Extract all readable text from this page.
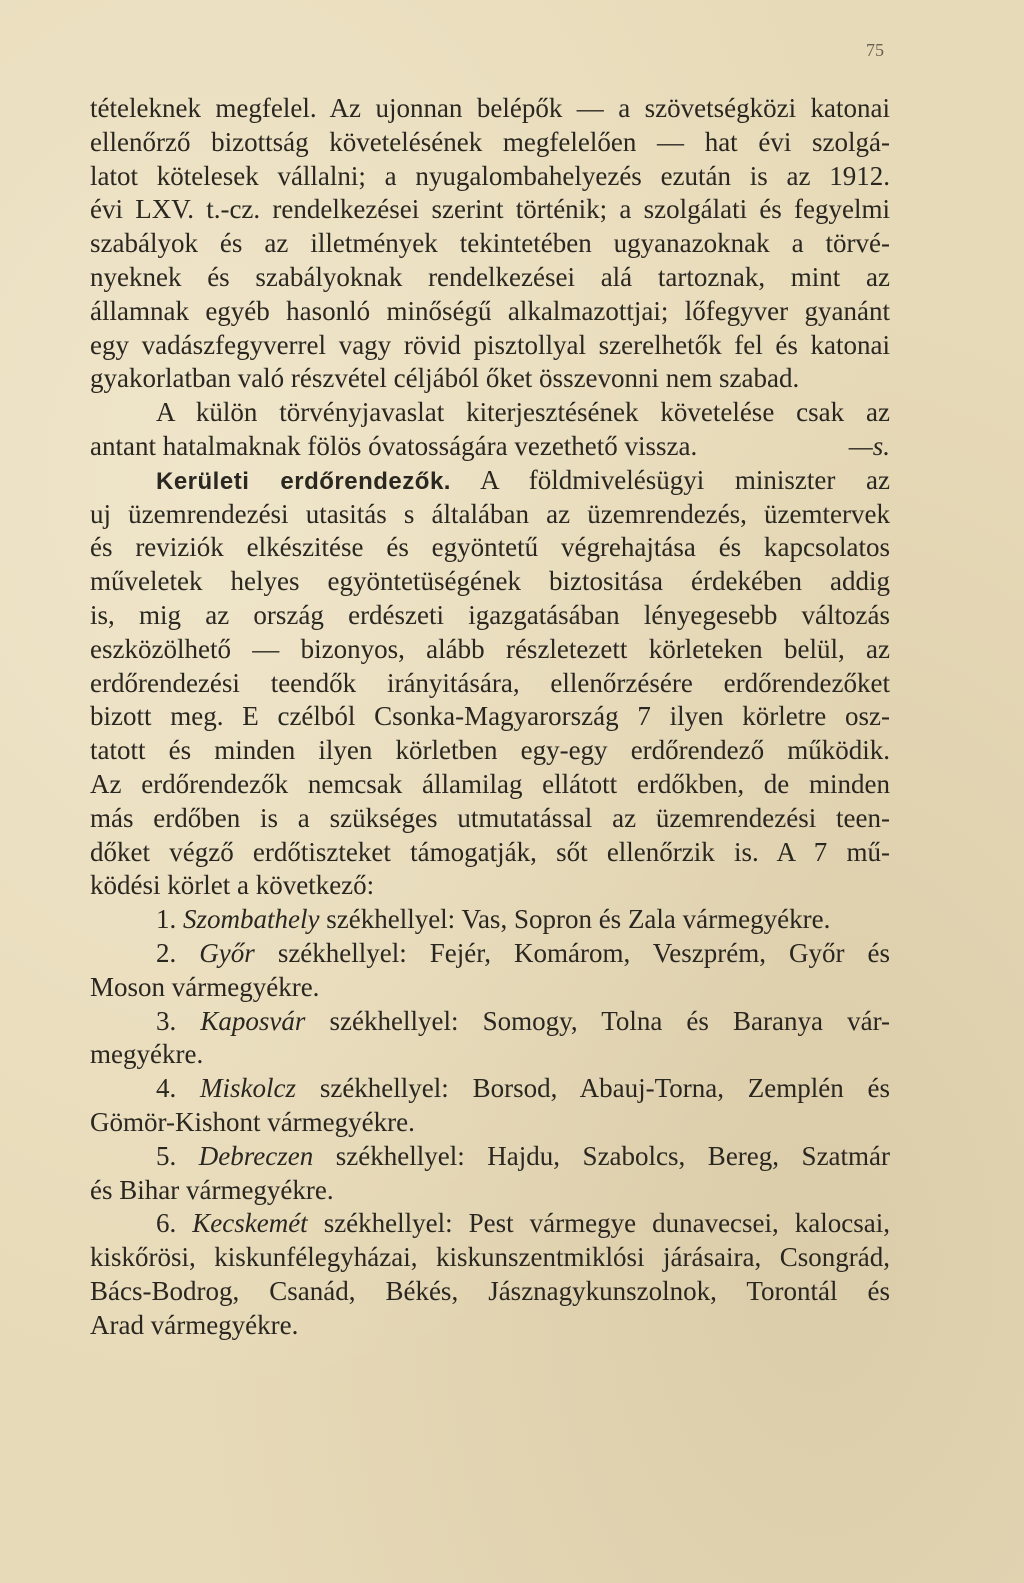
75
tételeknek megfelel. Az ujonnan belépők — a szövetségközi katonai
ellenőrző bizottság követelésének megfelelően — hat évi szolgá-
latot kötelesek vállalni; a nyugalombahelyezés ezután is az 1912.
évi LXV. t.-cz. rendelkezései szerint történik; a szolgálati és fegyelmi
szabályok és az illetmények tekintetében ugyanazoknak a törvé-
nyeknek és szabályoknak rendelkezései alá tartoznak, mint az
államnak egyéb hasonló minőségű alkalmazottjai; lőfegyver gyanánt
egy vadászfegyverrel vagy rövid pisztollyal szerelhetők fel és katonai
gyakorlatban való részvétel céljából őket összevonni nem szabad.
A külön törvényjavaslat kiterjesztésének követelése csak az
antant hatalmaknak fölös óvatosságára vezethető vissza.	—s.
Kerületi erdőrendezők. A földmivelésügyi miniszter az
uj üzemrendezési utasitás s általában az üzemrendezés, üzemtervek
és reviziók elkészitése és egyöntetű végrehajtása és kapcsolatos
műveletek helyes egyöntetüségének biztositása érdekében addig
is, mig az ország erdészeti igazgatásában lényegesebb változás
eszközölhető — bizonyos, alább részletezett körleteken belül, az
erdőrendezési teendők irányitására, ellenőrzésére erdőrendezőket
bizott meg. E czélból Csonka-Magyarország 7 ilyen körletre osz-
tatott és minden ilyen körletben egy-egy erdőrendező működik.
Az erdőrendezők nemcsak államilag ellátott erdőkben, de minden
más erdőben is a szükséges utmutatással az üzemrendezési teen-
dőket végző erdőtiszteket támogatják, sőt ellenőrzik is. A 7 mű-
ködési körlet a következő:
1. Szombathely székhellyel: Vas, Sopron és Zala vármegyékre.
2. Győr székhellyel: Fejér, Komárom, Veszprém, Győr és
Moson vármegyékre.
3. Kaposvár székhellyel: Somogy, Tolna és Baranya vár-
megyékre.
4. Miskolcz székhellyel: Borsod, Abauj-Torna, Zemplén és
Gömör-Kishont vármegyékre.
5. Debreczen székhellyel: Hajdu, Szabolcs, Bereg, Szatmár
és Bihar vármegyékre.
6. Kecskemét székhellyel: Pest vármegye dunavecsei, kalocsai,
kiskőrösi, kiskunfélegyházai, kiskunszentmiklósi járásaira, Csongrád,
Bács-Bodrog, Csanád, Békés, Jásznagykunszolnok, Torontál és
Arad vármegyékre.
